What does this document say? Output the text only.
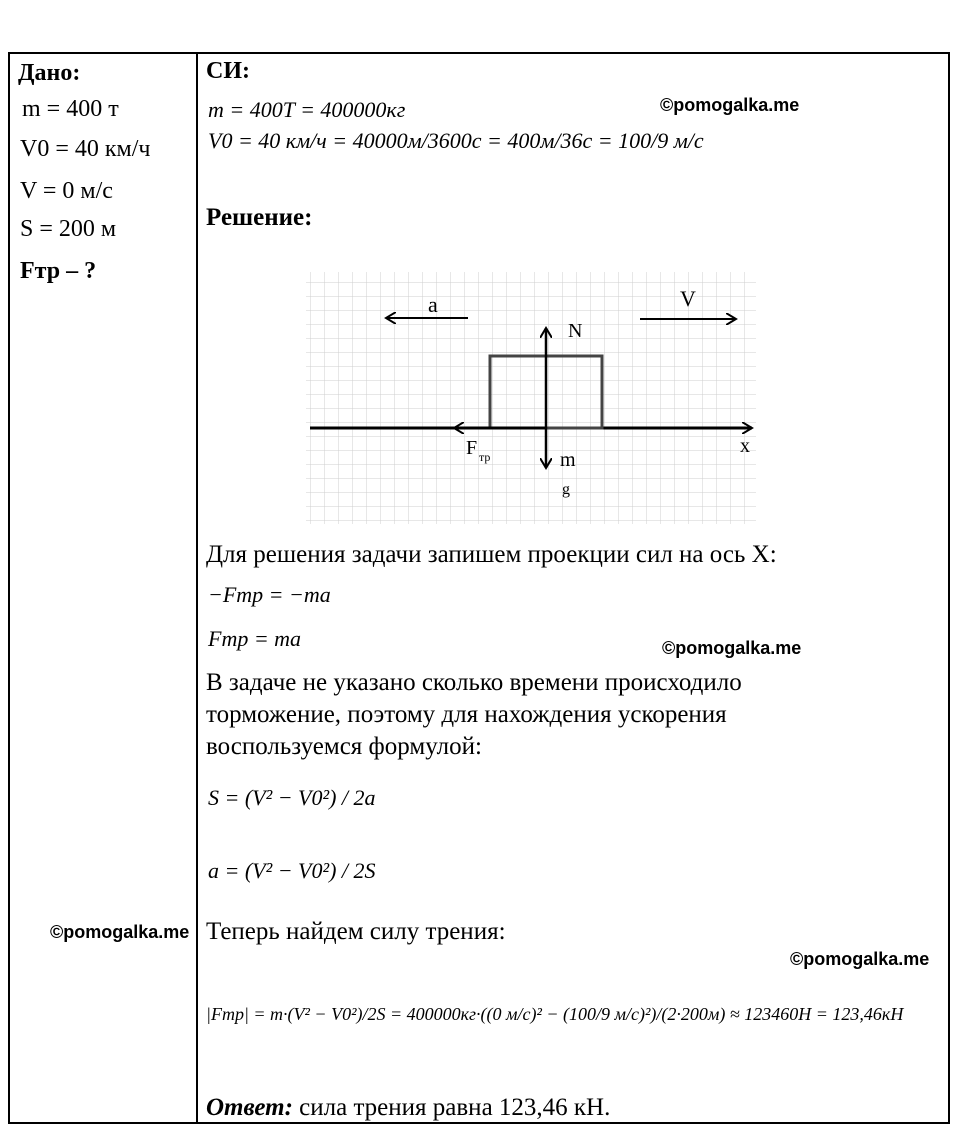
Дано:
m = 400 т
V0 = 40 км/ч
V = 0 м/с
S = 200 м
Fтр – ?
СИ:
m = 400T = 400000кг
V0 = 40 км/ч = 40000м/3600с = 400м/36с = 100/9 м/с
Решение:
a	V
N
F тр	m
g
x
Для решения задачи запишем проекции сил на ось X:
−Fтр = −ma
Fтр = ma
В задаче не указано сколько времени происходило
торможение, поэтому для нахождения ускорения
воспользуемся формулой:
S = (V² − V0²) / 2a
a = (V² − V0²) / 2S
Теперь найдем силу трения:
|Fтр| = m·(V² − V0²)/2S = 400000кг·((0 м/с)² − (100/9 м/с)²)/(2·200м) ≈ 123460H = 123,46кН
Ответ: сила трения равна 123,46 кН.
©pomogalka.me
©pomogalka.me
©pomogalka.me
©pomogalka.me
